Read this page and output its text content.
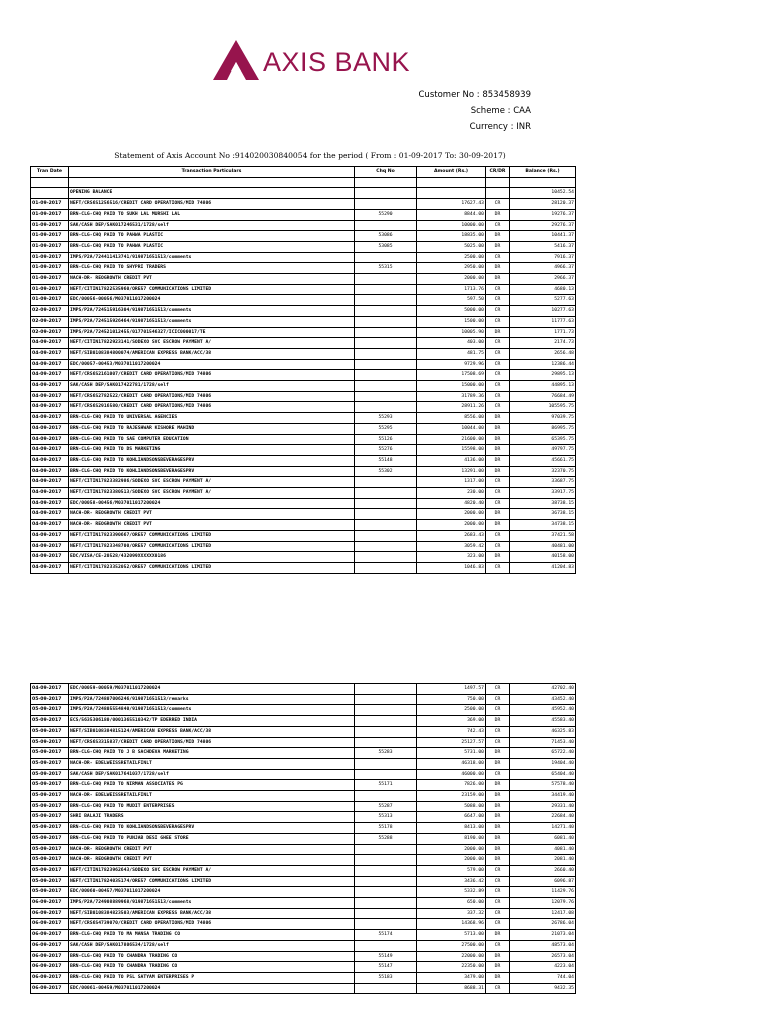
AXIS BANK
Customer No : 853458939
Scheme : CAA
Currency : INR
Statement of Axis Account No :914020030840054 for the period ( From : 01-09-2017 To: 30-09-2017)
Tran Date	Transaction Particulars	Chq No	Amount (Rs.)	CR/DR	Balance (Rs.)

	OPENING BALANCE				10452.54
01-09-2017	NEFT/CRS6S1256516/CREDIT CARD OPERATIONS/MID 74806		17627.43	CR	28120.37
01-09-2017	BRN-CLG-CHQ PAID TO SUKH LAL MURSHI LAL	55290	8844.00	DR	19276.37
01-09-2017	SAK/CASH DEP/SAK017246531/1728/self		10000.00	CR	29276.37
01-09-2017	BRN-CLG-CHQ PAID TO PAHWA PLASTIC	53086	18835.00	DR	10441.37
01-09-2017	BRN-CLG-CHQ PAID TO PAHWA PLASTIC	53085	5025.00	DR	5416.37
01-09-2017	IMPS/P2A/724411413741/919871651513/comments		2500.00	CR	7916.37
01-09-2017	BRN-CLG-CHQ PAID TO SHYPRI TRADERS	55315	2950.00	DR	4966.37
01-09-2017	NACH-DR- REOGROWTH CREDIT PVT		2000.00	DR	2966.37
01-09-2017	NEFT/CITIN17822535960/ORE57 COMMUNICATIONS LIMITED		1713.76	CR	4680.13
01-09-2017	EDC/00056-00056/M037011017200024		597.50	CR	5277.63
02-09-2017	IMPS/P2A/724515916304/919871651513/comments		5000.00	CR	10277.63
02-09-2017	IMPS/P2A/724515926464/919871651513/comments		1500.00	CR	11777.63
02-09-2017	IMPS/P2A/724521012455/017701546327/ICIC000017/TE		10005.90	DR	1771.73
04-09-2017	NEFT/CITIN17822923141/SODEXO SVC ESCROW PAYMENT A/		403.00	CR	2174.73
04-09-2017	NEFT/SIB0108384800074/AMERICAN EXPRESS BANK/ACC/38		481.75	CR	2656.48
04-09-2017	EDC/00057-00453/M037011017200024		9729.96	CR	12386.44
04-09-2017	NEFT/CRS6S2161007/CREDIT CARD OPERATIONS/MID 74806		17508.69	CR	29895.13
04-09-2017	SAK/CASH DEP/SAK017422781/1728/self		15000.00	CR	44895.13
04-09-2017	NEFT/CRS6S2782522/CREDIT CARD OPERATIONS/MID 74806		31789.36	CR	76684.49
04-09-2017	NEFT/CRS6S2916580/CREDIT CARD OPERATIONS/MID 74806		28911.26	CR	105595.75
04-09-2017	BRN-CLG-CHQ PAID TO UNIVERSAL AGENCIES	55293	8556.00	DR	97039.75
04-09-2017	BRN-CLG-CHQ PAID TO RAJESHWAR KISHORE MAHIND	55295	10044.00	DR	86995.75
04-09-2017	BRN-CLG-CHQ PAID TO SAE COMPUTER EDUCATION	55126	21600.00	DR	65395.75
04-09-2017	BRN-CLG-CHQ PAID TO DS MARKETING	55276	15598.00	DR	49797.75
04-09-2017	BRN-CLG-CHQ PAID TO KOHLIANDSONSBEVERAGESPRV	55148	4136.00	DR	45661.75
04-09-2017	BRN-CLG-CHQ PAID TO KOHLIANDSONSBEVERAGESPRV	55302	13291.00	DR	32370.75
04-09-2017	NEFT/CITIN17823382986/SODEXO SVC ESCROW PAYMENT A/		1317.00	CR	33687.75
04-09-2017	NEFT/CITIN17823380513/SODEXO SVC ESCROW PAYMENT A/		230.00	CR	33917.75
04-09-2017	EDC/00058-00456/M037011017200024		4820.40	CR	38738.15
04-09-2017	NACH-DR- REOGROWTH CREDIT PVT		2000.00	DR	36738.15
04-09-2017	NACH-DR- REOGROWTH CREDIT PVT		2000.00	DR	34738.15
04-09-2017	NEFT/CITIN17823390667/ORE57 COMMUNICATIONS LIMITED		2683.43	CR	37421.58
04-09-2017	NEFT/CITIN17823348700/ORE57 COMMUNICATIONS LIMITED		3059.42	CR	40481.00
04-09-2017	EDC/VISA/CE-20528/432099XXXXXX0186		323.00	DR	40158.00
04-09-2017	NEFT/CITIN17823352052/ORE57 COMMUNICATIONS LIMITED		1046.83	CR	41204.83
04-09-2017	EDC/00059-00059/M037011017200024		1497.57	CR	42702.40
05-09-2017	IMPS/P2A/724807006246/919871651513/remarks		750.00	CR	43452.40
05-09-2017	IMPS/P2A/724805554840/919871651513/comments		2500.00	CR	45952.40
05-09-2017	ECS/5635306180/0001365510342/TP EDERRED INDIA		369.00	DR	45583.40
05-09-2017	NEFT/SIB0108384815124/AMERICAN EXPRESS BANK/ACC/38		742.43	CR	46325.83
05-09-2017	NEFT/CRS6S3315837/CREDIT CARD OPERATIONS/MID 74806		25127.57	CR	71453.40
05-09-2017	BRN-CLG-CHQ PAID TO J B SACHDEVA MARKETING	55283	5731.00	DR	65722.40
05-09-2017	NACH-DR- EDELWEISSRETAILFINLT		46318.00	DR	19404.40
05-09-2017	SAK/CASH DEP/SAK017641037/1728/self		46000.00	CR	65404.40
05-09-2017	BRN-CLG-CHQ PAID TO NIRMAN ASSOCIATES PG	55171	7826.00	DR	57578.40
05-09-2017	NACH-DR- EDELWEISSRETAILFINLT		23159.00	DR	34419.40
05-09-2017	BRN-CLG-CHQ PAID TO MUDIT ENTERPRISES	55287	5088.00	DR	29331.40
05-09-2017	SHRI BALAJI TRADERS	55313	6647.00	DR	22684.40
05-09-2017	BRN-CLG-CHQ PAID TO KOHLIANDSONSBEVERAGESPRV	55178	8413.00	DR	14271.40
05-09-2017	BRN-CLG-CHQ PAID TO PUNJAB DESI GHEE STORE	55288	8190.00	DR	6081.40
05-09-2017	NACH-DR- REOGROWTH CREDIT PVT		2000.00	DR	4081.40
05-09-2017	NACH-DR- REOGROWTH CREDIT PVT		2000.00	DR	2081.40
05-09-2017	NEFT/CITIN17823962643/SODEXO SVC ESCROW PAYMENT A/		579.00	CR	2660.40
05-09-2017	NEFT/CITIN17824035174/ORE57 COMMUNICATIONS LIMITED		3436.42	CR	6096.87
05-09-2017	EDC/00060-00457/M037011017200024		5332.89	CR	11429.76
06-09-2017	IMPS/P2A/724908889968/919871651513/comments		650.00	CR	12079.76
06-09-2017	NEFT/SIB0108384823503/AMERICAN EXPRESS BANK/ACC/38		337.32	CR	12417.08
06-09-2017	NEFT/CRS6S4739070/CREDIT CARD OPERATIONS/MID 74806		14368.96	CR	26786.04
06-09-2017	BRN-CLG-CHQ PAID TO MA MANSA TRADING CO	55174	5713.00	DR	21073.04
06-09-2017	SAK/CASH DEP/SAK017806534/1728/self		27500.00	CR	48573.04
06-09-2017	BRN-CLG-CHQ PAID TO CHANDRA TRADING CO	55149	22000.00	DR	26573.04
06-09-2017	BRN-CLG-CHQ PAID TO CHANDRA TRADING CO	55147	22350.00	DR	4223.04
06-09-2017	BRN-CLG-CHQ PAID TO PSL SATYAM ENTERPRISES P	55183	3479.00	DR	744.04
06-09-2017	EDC/00061-00459/M037011017200024		8688.31	CR	9432.35
